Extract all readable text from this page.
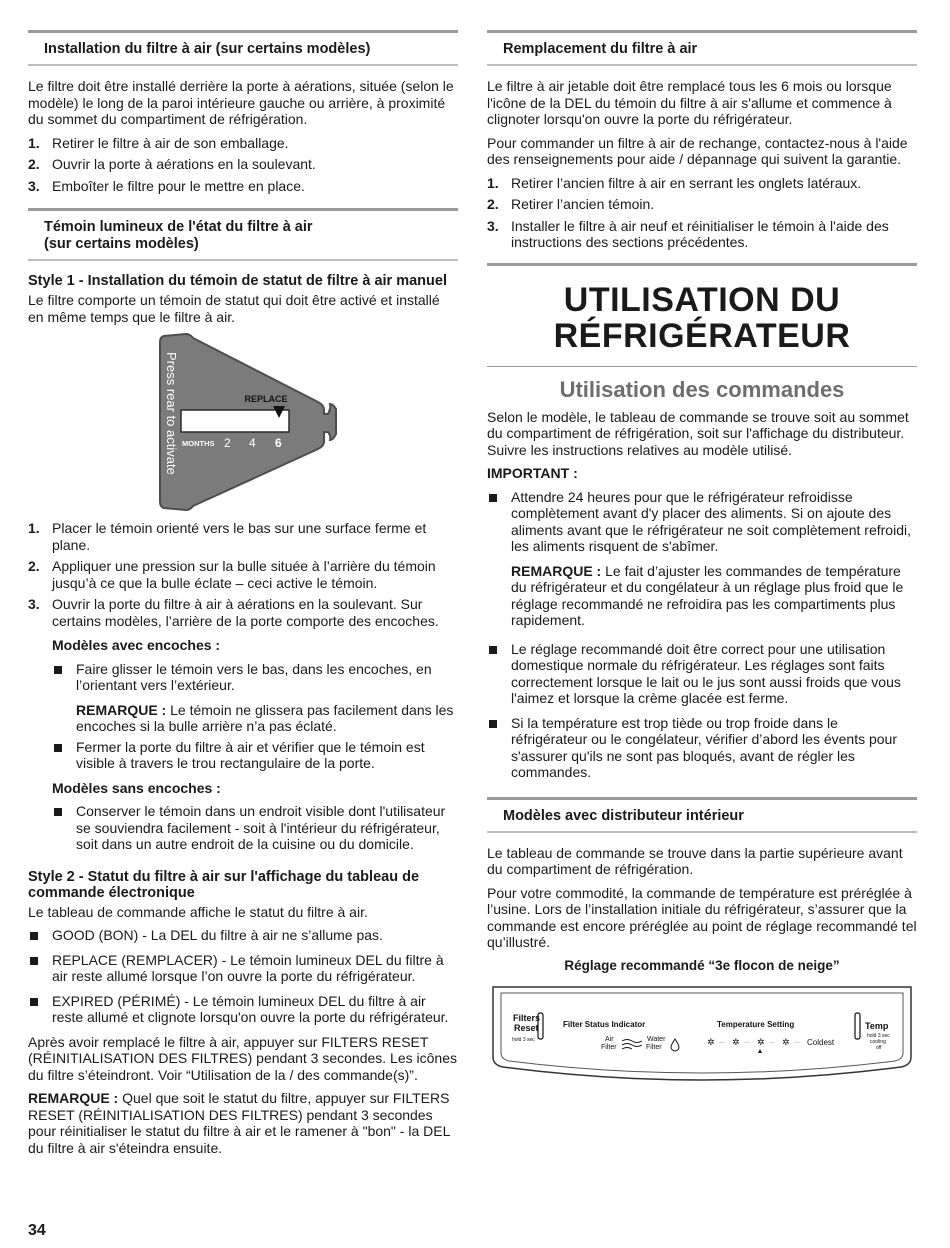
Installation du filtre à air (sur certains modèles)

Le filtre doit être installé derrière la porte à aérations, située (selon le modèle) le long de la paroi intérieure gauche ou arrière, à proximité du sommet du compartiment de réfrigération.

1. Retirer le filtre à air de son emballage.
2. Ouvrir la porte à aérations en la soulevant.
3. Emboîter le filtre pour le mettre en place.
Témoin lumineux de l'état du filtre à air
(sur certains modèles)
Style 1 - Installation du témoin de statut de filtre à air manuel

Le filtre comporte un témoin de statut qui doit être activé et installé en même temps que le filtre à air.

REPLACE
MONTHS 2 4 6
Press rear to activate
1. Placer le témoin orienté vers le bas sur une surface ferme et plane.
2. Appliquer une pression sur la bulle située à l’arrière du témoin jusqu’à ce que la bulle éclate – ceci active le témoin.
3. Ouvrir la porte du filtre à air à aérations en la soulevant. Sur certains modèles, l’arrière de la porte comporte des encoches.

Modèles avec encoches :

Faire glisser le témoin vers le bas, dans les encoches, en l’orientant vers l’extérieur.
REMARQUE : Le témoin ne glissera pas facilement dans les encoches si la bulle arrière n’a pas éclaté.
Fermer la porte du filtre à air et vérifier que le témoin est visible à travers le trou rectangulaire de la porte.

Modèles sans encoches :

Conserver le témoin dans un endroit visible dont l'utilisateur se souviendra facilement - soit à l'intérieur du réfrigérateur, soit dans un autre endroit de la cuisine ou du domicile.
Style 2 - Statut du filtre à air sur l'affichage du tableau de commande électronique

Le tableau de commande affiche le statut du filtre à air.

GOOD (BON) - La DEL du filtre à air ne s’allume pas.
REPLACE (REMPLACER) - Le témoin lumineux DEL du filtre à air reste allumé lorsque l’on ouvre la porte du réfrigérateur.
EXPIRED (PÉRIMÉ) - Le témoin lumineux DEL du filtre à air reste allumé et clignote lorsqu'on ouvre la porte du réfrigérateur.

Après avoir remplacé le filtre à air, appuyer sur FILTERS RESET (RÉINITIALISATION DES FILTRES) pendant 3 secondes. Les icônes du filtre s’éteindront. Voir “Utilisation de la / des commande(s)”.

REMARQUE : Quel que soit le statut du filtre, appuyer sur FILTERS RESET (RÉINITIALISATION DES FILTRES) pendant 3 secondes pour réinitialiser le statut du filtre à air et le ramener à "bon" - la DEL du filtre à air s'éteindra ensuite.

Remplacement du filtre à air

Le filtre à air jetable doit être remplacé tous les 6 mois ou lorsque l'icône de la DEL du témoin du filtre à air s'allume et commence à clignoter lorsqu'on ouvre la porte du réfrigérateur.

Pour commander un filtre à air de rechange, contactez-nous à l'aide des renseignements pour aide / dépannage qui suivent la garantie.

1. Retirer l’ancien filtre à air en serrant les onglets latéraux.
2. Retirer l’ancien témoin.
3. Installer le filtre à air neuf et réinitialiser le témoin à l'aide des instructions des sections précédentes.
UTILISATION DU
RÉFRIGÉRATEUR
Utilisation des commandes

Selon le modèle, le tableau de commande se trouve soit au sommet du compartiment de réfrigération, soit sur l'affichage du distributeur. Suivre les instructions relatives au modèle utilisé.

IMPORTANT :

Attendre 24 heures pour que le réfrigérateur refroidisse complètement avant d'y placer des aliments. Si on ajoute des aliments avant que le réfrigérateur ne soit complètement refroidi, les aliments risquent de s'abîmer.
REMARQUE : Le fait d’ajuster les commandes de température du réfrigérateur et du congélateur à un réglage plus froid que le réglage recommandé ne refroidira pas les compartiments plus rapidement.
Le réglage recommandé doit être correct pour une utilisation domestique normale du réfrigérateur. Les réglages sont faits correctement lorsque le lait ou le jus sont aussi froids que vous l'aimez et lorsque la crème glacée est ferme.
Si la température est trop tiède ou trop froide dans le réfrigérateur ou le congélateur, vérifier d’abord les évents pour s'assurer qu'ils ne sont pas bloqués, avant de régler les commandes.
Modèles avec distributeur intérieur

Le tableau de commande se trouve dans la partie supérieure avant du compartiment de réfrigération.

Pour votre commodité, la commande de température est préréglée à l’usine. Lors de l’installation initiale du réfrigérateur, s’assurer que la commande est encore préréglée au point de réglage recommandé tel qu’illustré.

Réglage recommandé “3e flocon de neige”
Filters
Reset
hold 3 sec
Filter Status Indicator
Air
Filter
Water
Filter
Temperature Setting
✲ ··· ✲ ··· ✲ ··· ✲ ··· Coldest
Temp
hold 3 sec
cooling
off
34
